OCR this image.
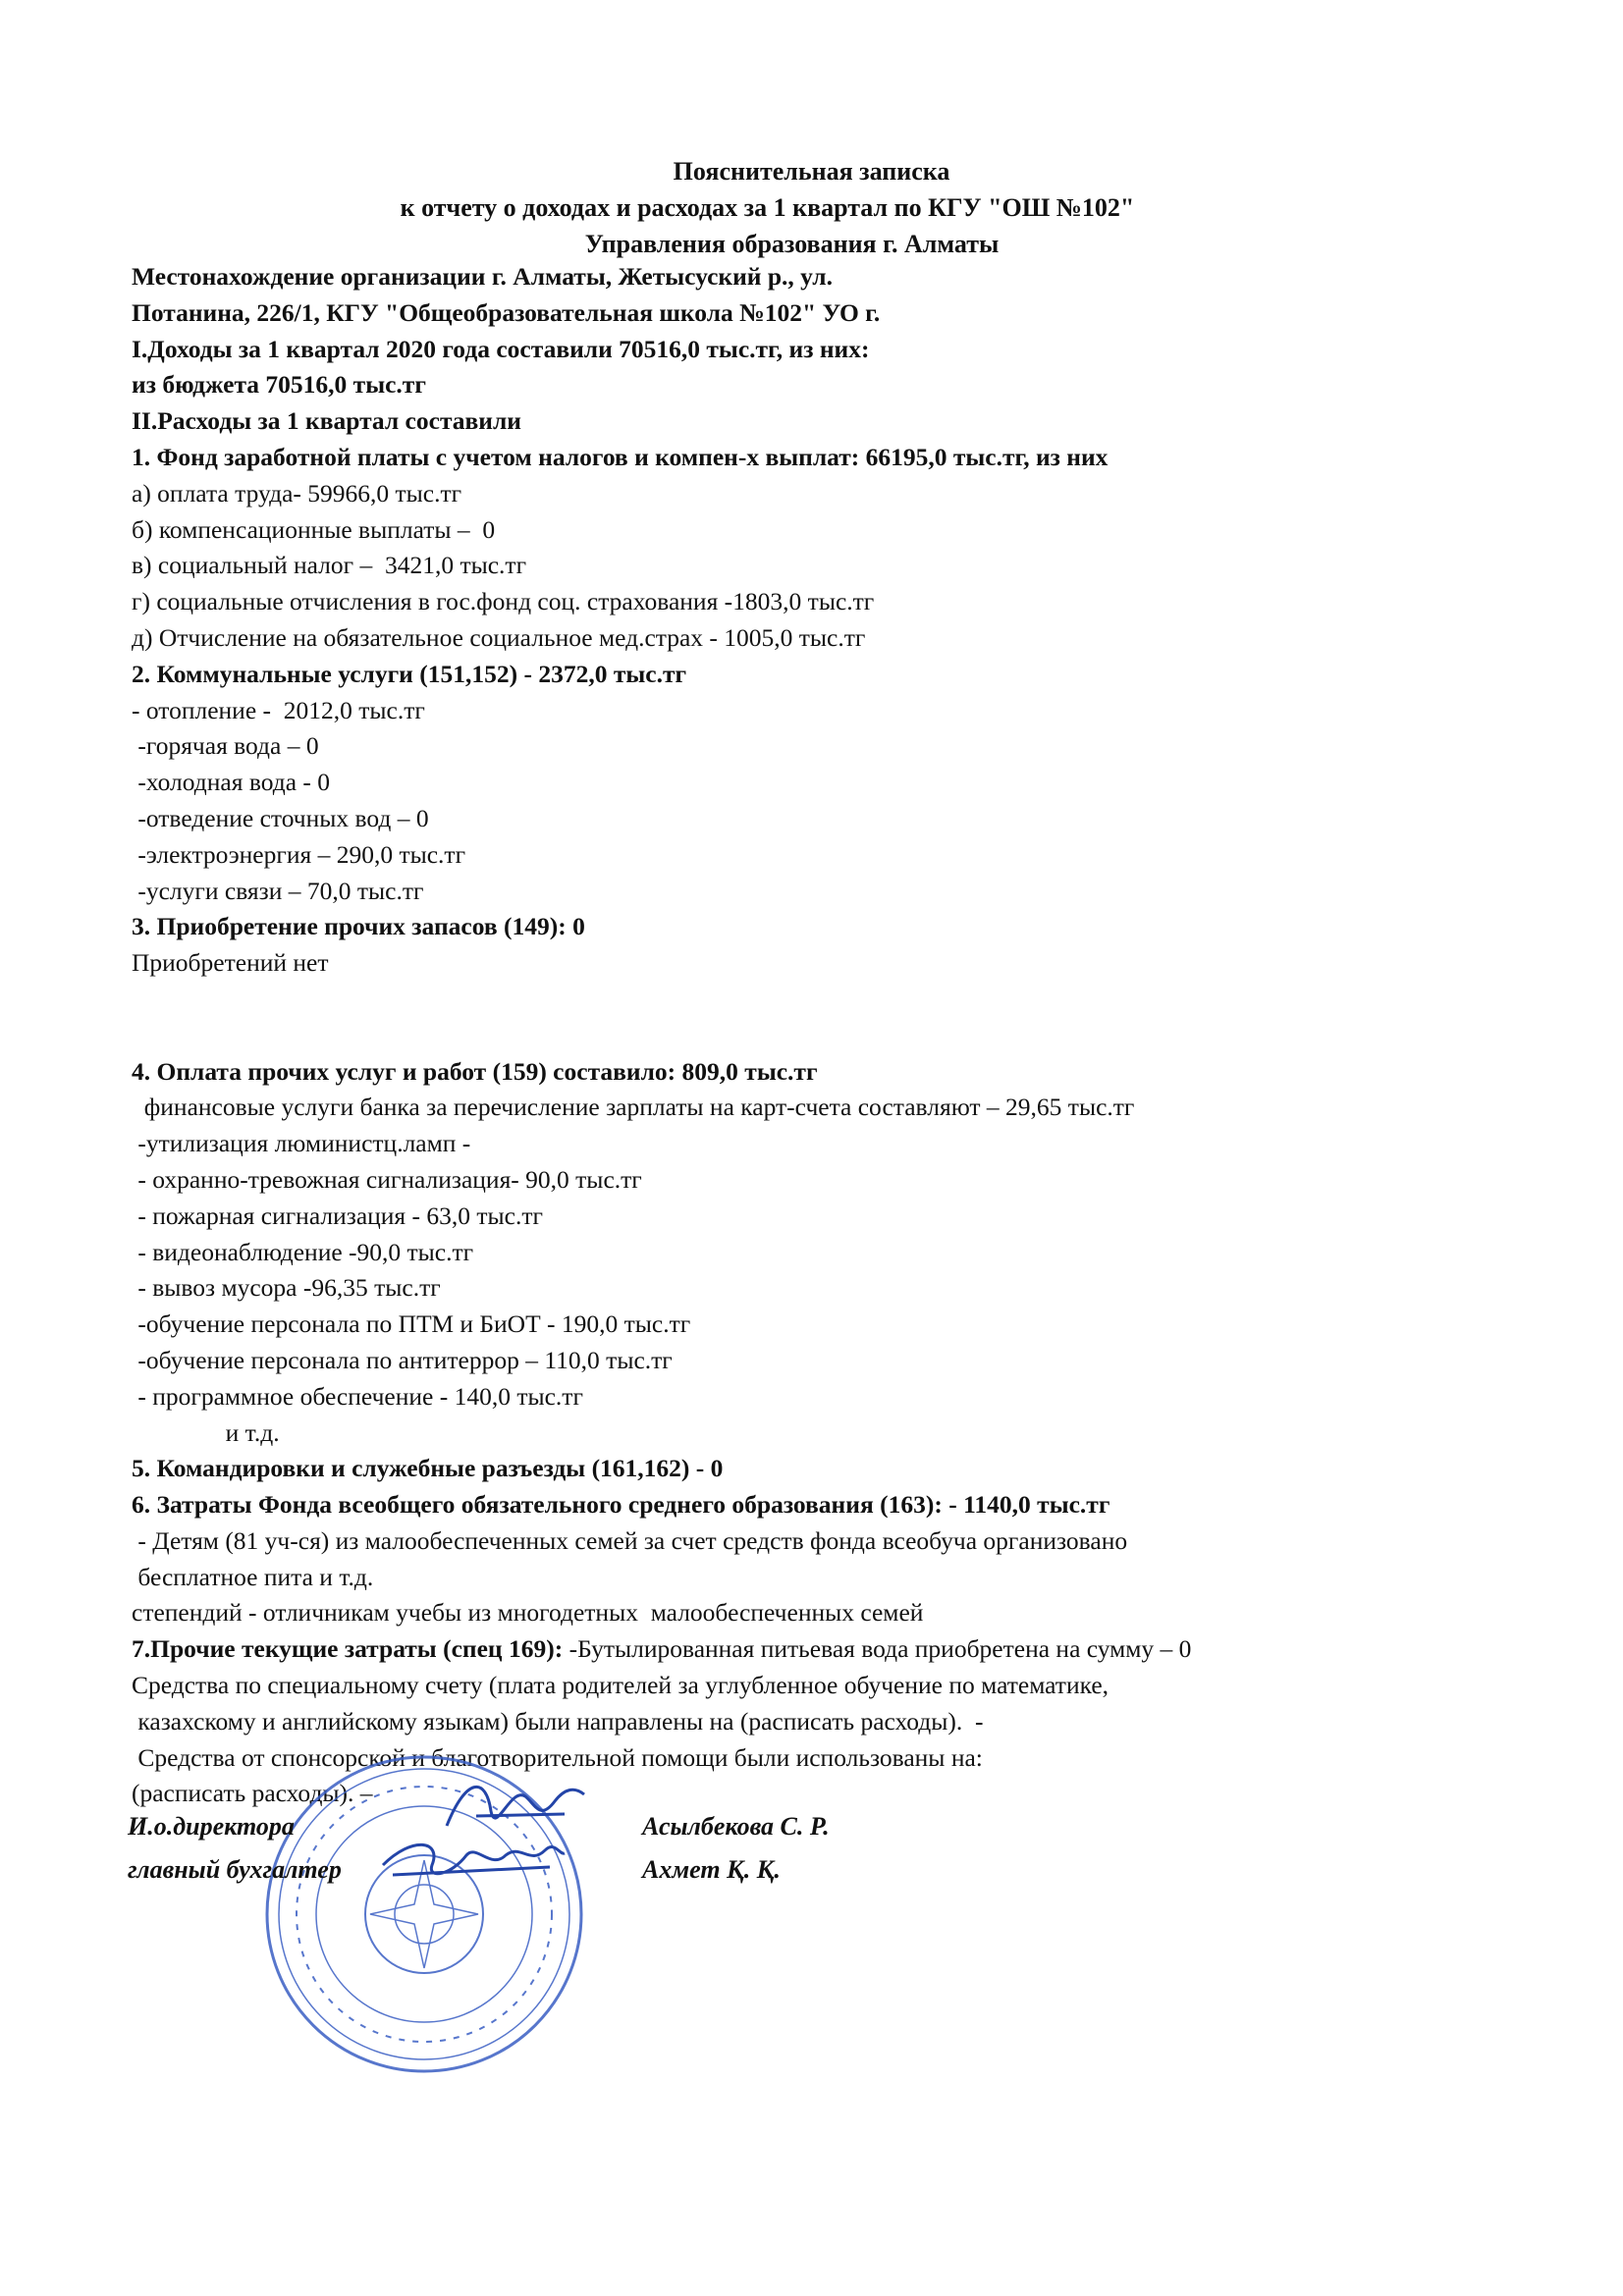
Пояснительная записка
к отчету о доходах и расходах за 1 квартал по КГУ "ОШ №102"
Управления образования г. Алматы
Местонахождение организации г. Алматы, Жетысуский р., ул.
Потанина, 226/1, КГУ "Общеобразовательная школа №102" УО г.
I.Доходы за 1 квартал 2020 года составили 70516,0 тыс.тг, из них:
из бюджета 70516,0 тыс.тг
II.Расходы за 1 квартал составили
1. Фонд заработной платы с учетом налогов и компен-х выплат: 66195,0 тыс.тг, из них
а) оплата труда- 59966,0 тыс.тг
б) компенсационные выплаты –  0
в) социальный налог –  3421,0 тыс.тг
г) социальные отчисления в гос.фонд соц. страхования -1803,0 тыс.тг
д) Отчисление на обязательное социальное мед.страх - 1005,0 тыс.тг
2. Коммунальные услуги (151,152) - 2372,0 тыс.тг
- отопление -  2012,0 тыс.тг
-горячая вода – 0
-холодная вода - 0
-отведение сточных вод – 0
-электроэнергия – 290,0 тыс.тг
-услуги связи – 70,0 тыс.тг
3. Приобретение прочих запасов (149): 0
Приобретений нет
4. Оплата прочих услуг и работ (159) составило: 809,0 тыс.тг
финансовые услуги банка за перечисление зарплаты на карт-счета составляют – 29,65 тыс.тг
-утилизация люминистц.ламп -
- охранно-тревожная сигнализация- 90,0 тыс.тг
- пожарная сигнализация - 63,0 тыс.тг
- видеонаблюдение -90,0 тыс.тг
- вывоз мусора -96,35 тыс.тг
-обучение персонала по ПТМ и БиОТ - 190,0 тыс.тг
-обучение персонала по антитеррор – 110,0 тыс.тг
- программное обеспечение - 140,0 тыс.тг
и т.д.
5. Командировки и служебные разъезды (161,162) - 0
6. Затраты Фонда всеобщего обязательного среднего образования (163): - 1140,0 тыс.тг
- Детям (81 уч-ся) из малообеспеченных семей за счет средств фонда всеобуча организовано
бесплатное пита и т.д.
степендий - отличникам учебы из многодетных  малообеспеченных семей
7.Прочие текущие затраты (спец 169): -Бутылированная питьевая вода приобретена на сумму – 0
Средства по специальному счету (плата родителей за углубленное обучение по математике,
казахскому и английскому языкам) были направлены на (расписать расходы).  -
Средства от спонсорской и благотворительной помощи были использованы на:
(расписать расходы). –
И.о.директора
главный бухгалтер
Асылбекова С. Р.
Ахмет Қ. Қ.
